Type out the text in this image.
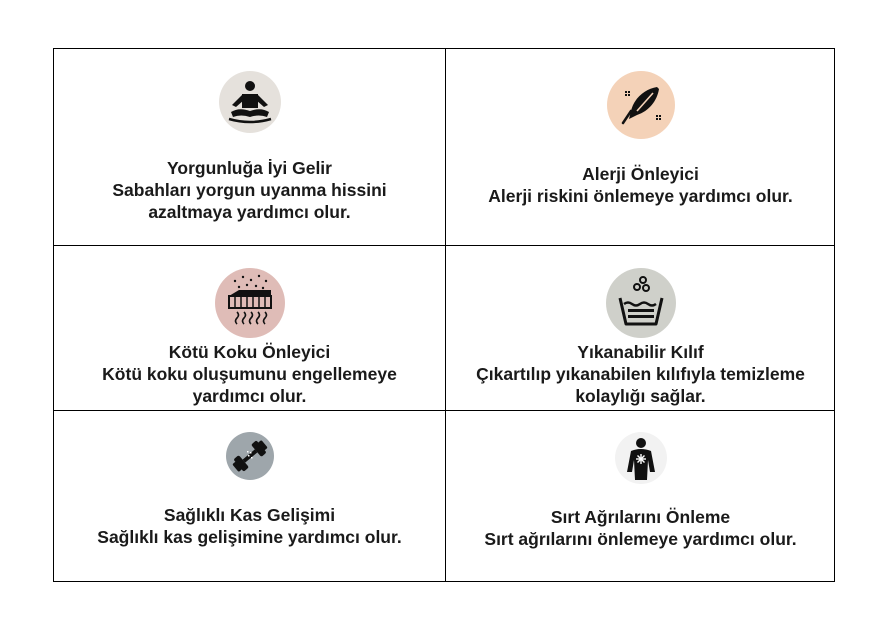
Yorgunluğa İyi Gelir
Sabahları yorgun uyanma hissini azaltmaya yardımcı olur.
Alerji Önleyici
Alerji riskini önlemeye yardımcı olur.
Kötü Koku Önleyici
Kötü koku oluşumunu engellemeye yardımcı olur.
Yıkanabilir Kılıf
Çıkartılıp yıkanabilen kılıfıyla temizleme kolaylığı sağlar.
Sağlıklı Kas Gelişimi
Sağlıklı kas gelişimine yardımcı olur.
Sırt Ağrılarını Önleme
Sırt ağrılarını önlemeye yardımcı olur.
